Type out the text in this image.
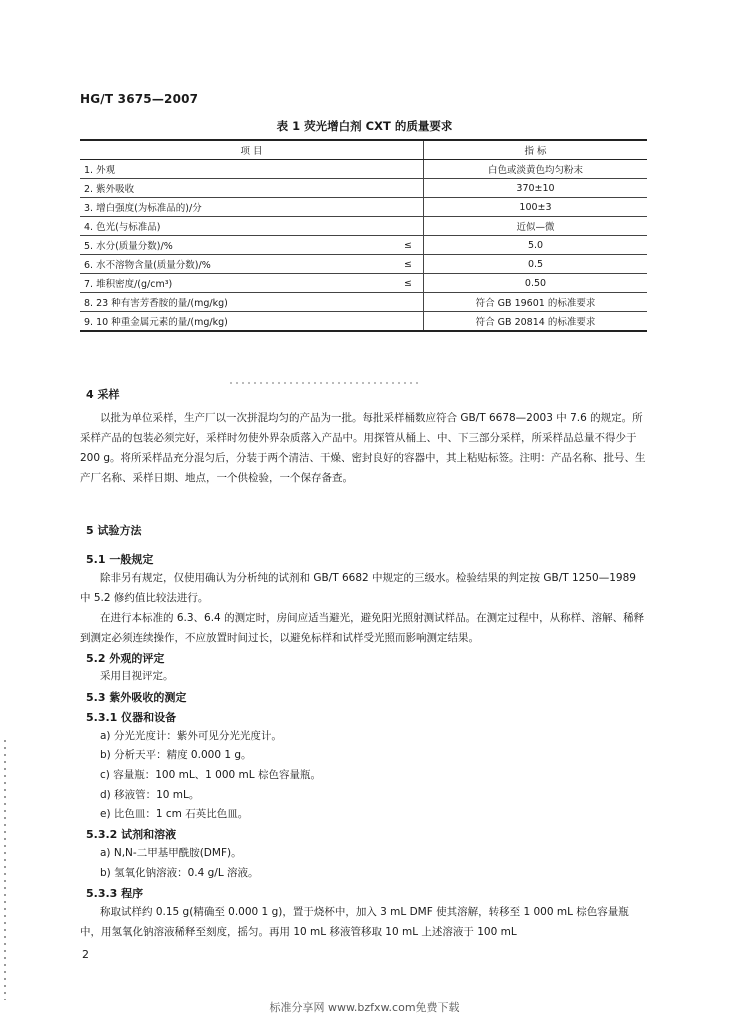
HG/T 3675—2007
表 1 荧光增白剂 CXT 的质量要求
项 目		指 标
1. 外观		白色或淡黄色均匀粉末
2. 紫外吸收		370±10
3. 增白强度(为标准品的)/分		100±3
4. 色光(与标准品)		近似—微
5. 水分(质量分数)/%	≤	5.0
6. 水不溶物含量(质量分数)/%	≤	0.5
7. 堆积密度/(g/cm³)	≤	0.50
8. 23 种有害芳香胺的量/(mg/kg)		符合 GB 19601 的标准要求
9. 10 种重金属元素的量/(mg/kg)		符合 GB 20814 的标准要求
4 采样
以批为单位采样，生产厂以一次拼混均匀的产品为一批。每批采样桶数应符合 GB/T 6678—2003 中 7.6 的规定。所采样产品的包装必须完好，采样时勿使外界杂质落入产品中。用探管从桶上、中、下三部分采样，所采样品总量不得少于 200 g。将所采样品充分混匀后，分装于两个清洁、干燥、密封良好的容器中，其上粘贴标签。注明：产品名称、批号、生产厂名称、采样日期、地点，一个供检验，一个保存备查。
5 试验方法
5.1 一般规定
除非另有规定，仅使用确认为分析纯的试剂和 GB/T 6682 中规定的三级水。检验结果的判定按 GB/T 1250—1989 中 5.2 修约值比较法进行。
在进行本标准的 6.3、6.4 的测定时，房间应适当避光，避免阳光照射测试样品。在测定过程中，从称样、溶解、稀释到测定必须连续操作，不应放置时间过长，以避免标样和试样受光照而影响测定结果。
5.2 外观的评定
采用目视评定。
5.3 紫外吸收的测定
5.3.1 仪器和设备
a) 分光光度计：紫外可见分光光度计。
b) 分析天平：精度 0.000 1 g。
c) 容量瓶：100 mL、1 000 mL 棕色容量瓶。
d) 移液管：10 mL。
e) 比色皿：1 cm 石英比色皿。
5.3.2 试剂和溶液
a) N,N-二甲基甲酰胺(DMF)。
b) 氢氧化钠溶液：0.4 g/L 溶液。
5.3.3 程序
称取试样约 0.15 g(精确至 0.000 1 g)，置于烧杯中，加入 3 mL DMF 使其溶解，转移至 1 000 mL 棕色容量瓶中，用氢氧化钠溶液稀释至刻度，摇匀。再用 10 mL 移液管移取 10 mL 上述溶液于 100 mL
2
标准分享网 www.bzfxw.com免费下载
